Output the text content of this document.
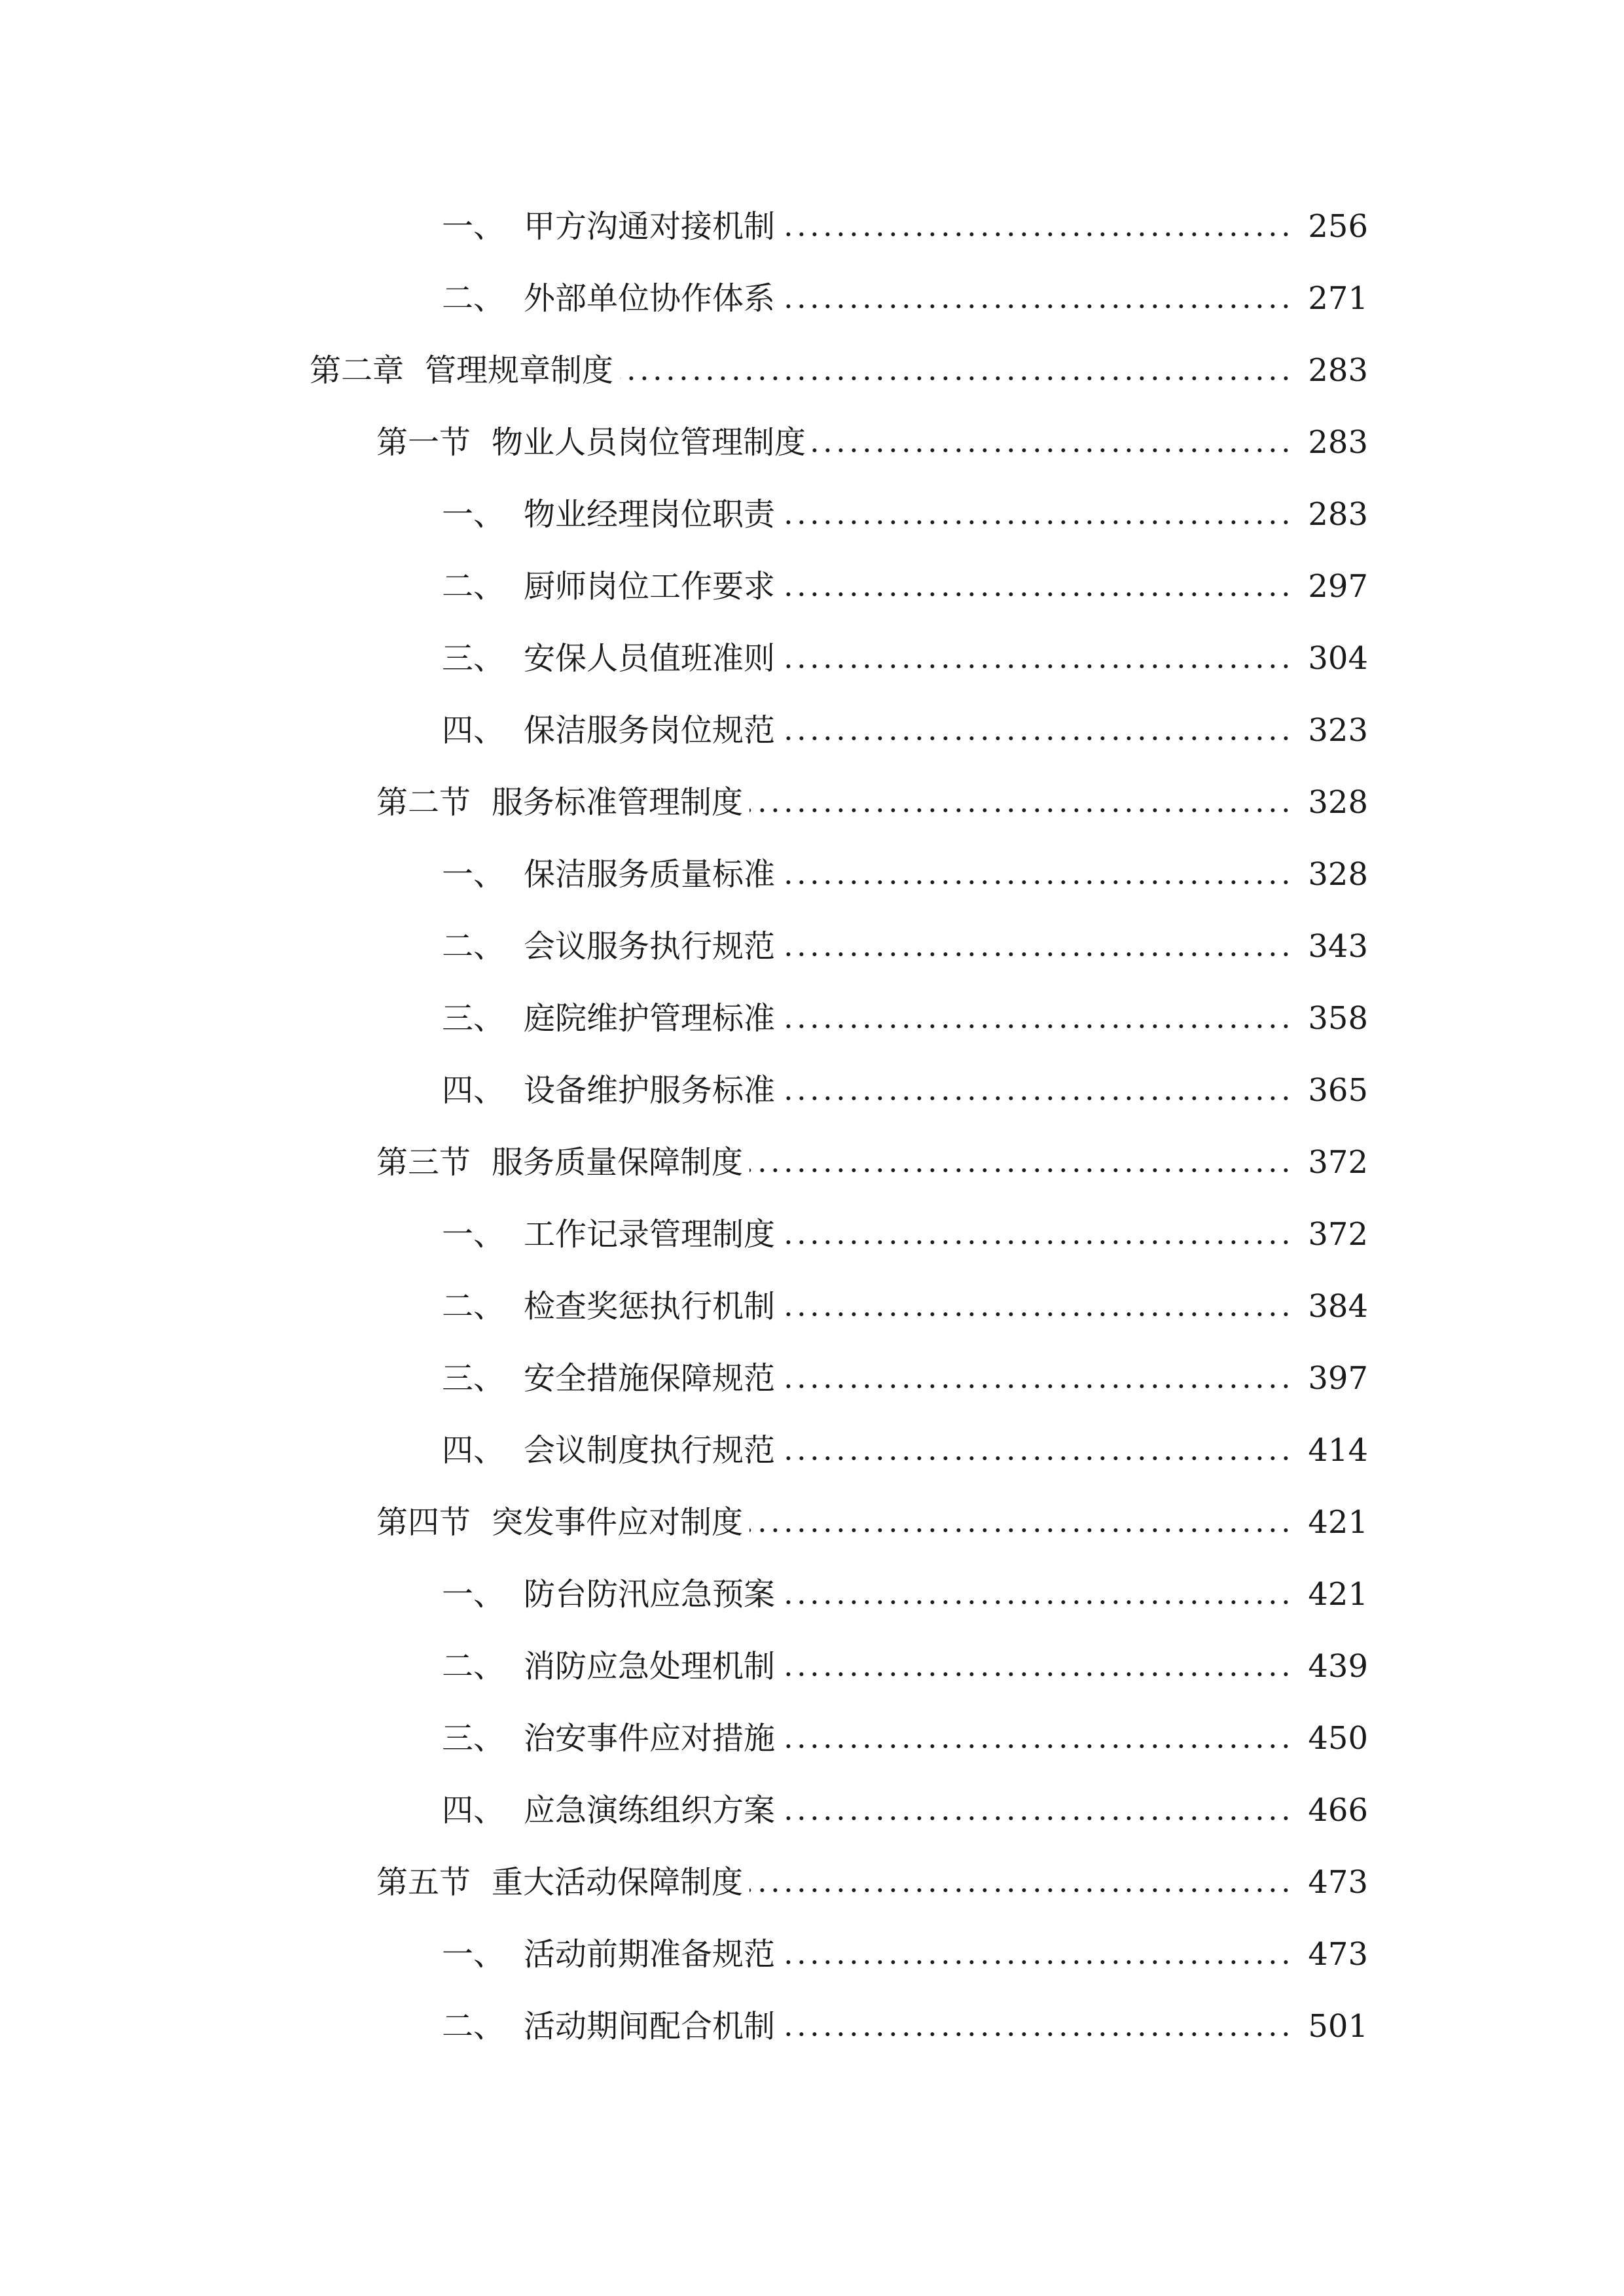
一、 甲方沟通对接机制	256
二、 外部单位协作体系	271
第二章 管理规章制度	283
第一节 物业人员岗位管理制度	283
一、 物业经理岗位职责	283
二、 厨师岗位工作要求	297
三、 安保人员值班准则	304
四、 保洁服务岗位规范	323
第二节 服务标准管理制度	328
一、 保洁服务质量标准	328
二、 会议服务执行规范	343
三、 庭院维护管理标准	358
四、 设备维护服务标准	365
第三节 服务质量保障制度	372
一、 工作记录管理制度	372
二、 检查奖惩执行机制	384
三、 安全措施保障规范	397
四、 会议制度执行规范	414
第四节 突发事件应对制度	421
一、 防台防汛应急预案	421
二、 消防应急处理机制	439
三、 治安事件应对措施	450
四、 应急演练组织方案	466
第五节 重大活动保障制度	473
一、 活动前期准备规范	473
二、 活动期间配合机制	501
